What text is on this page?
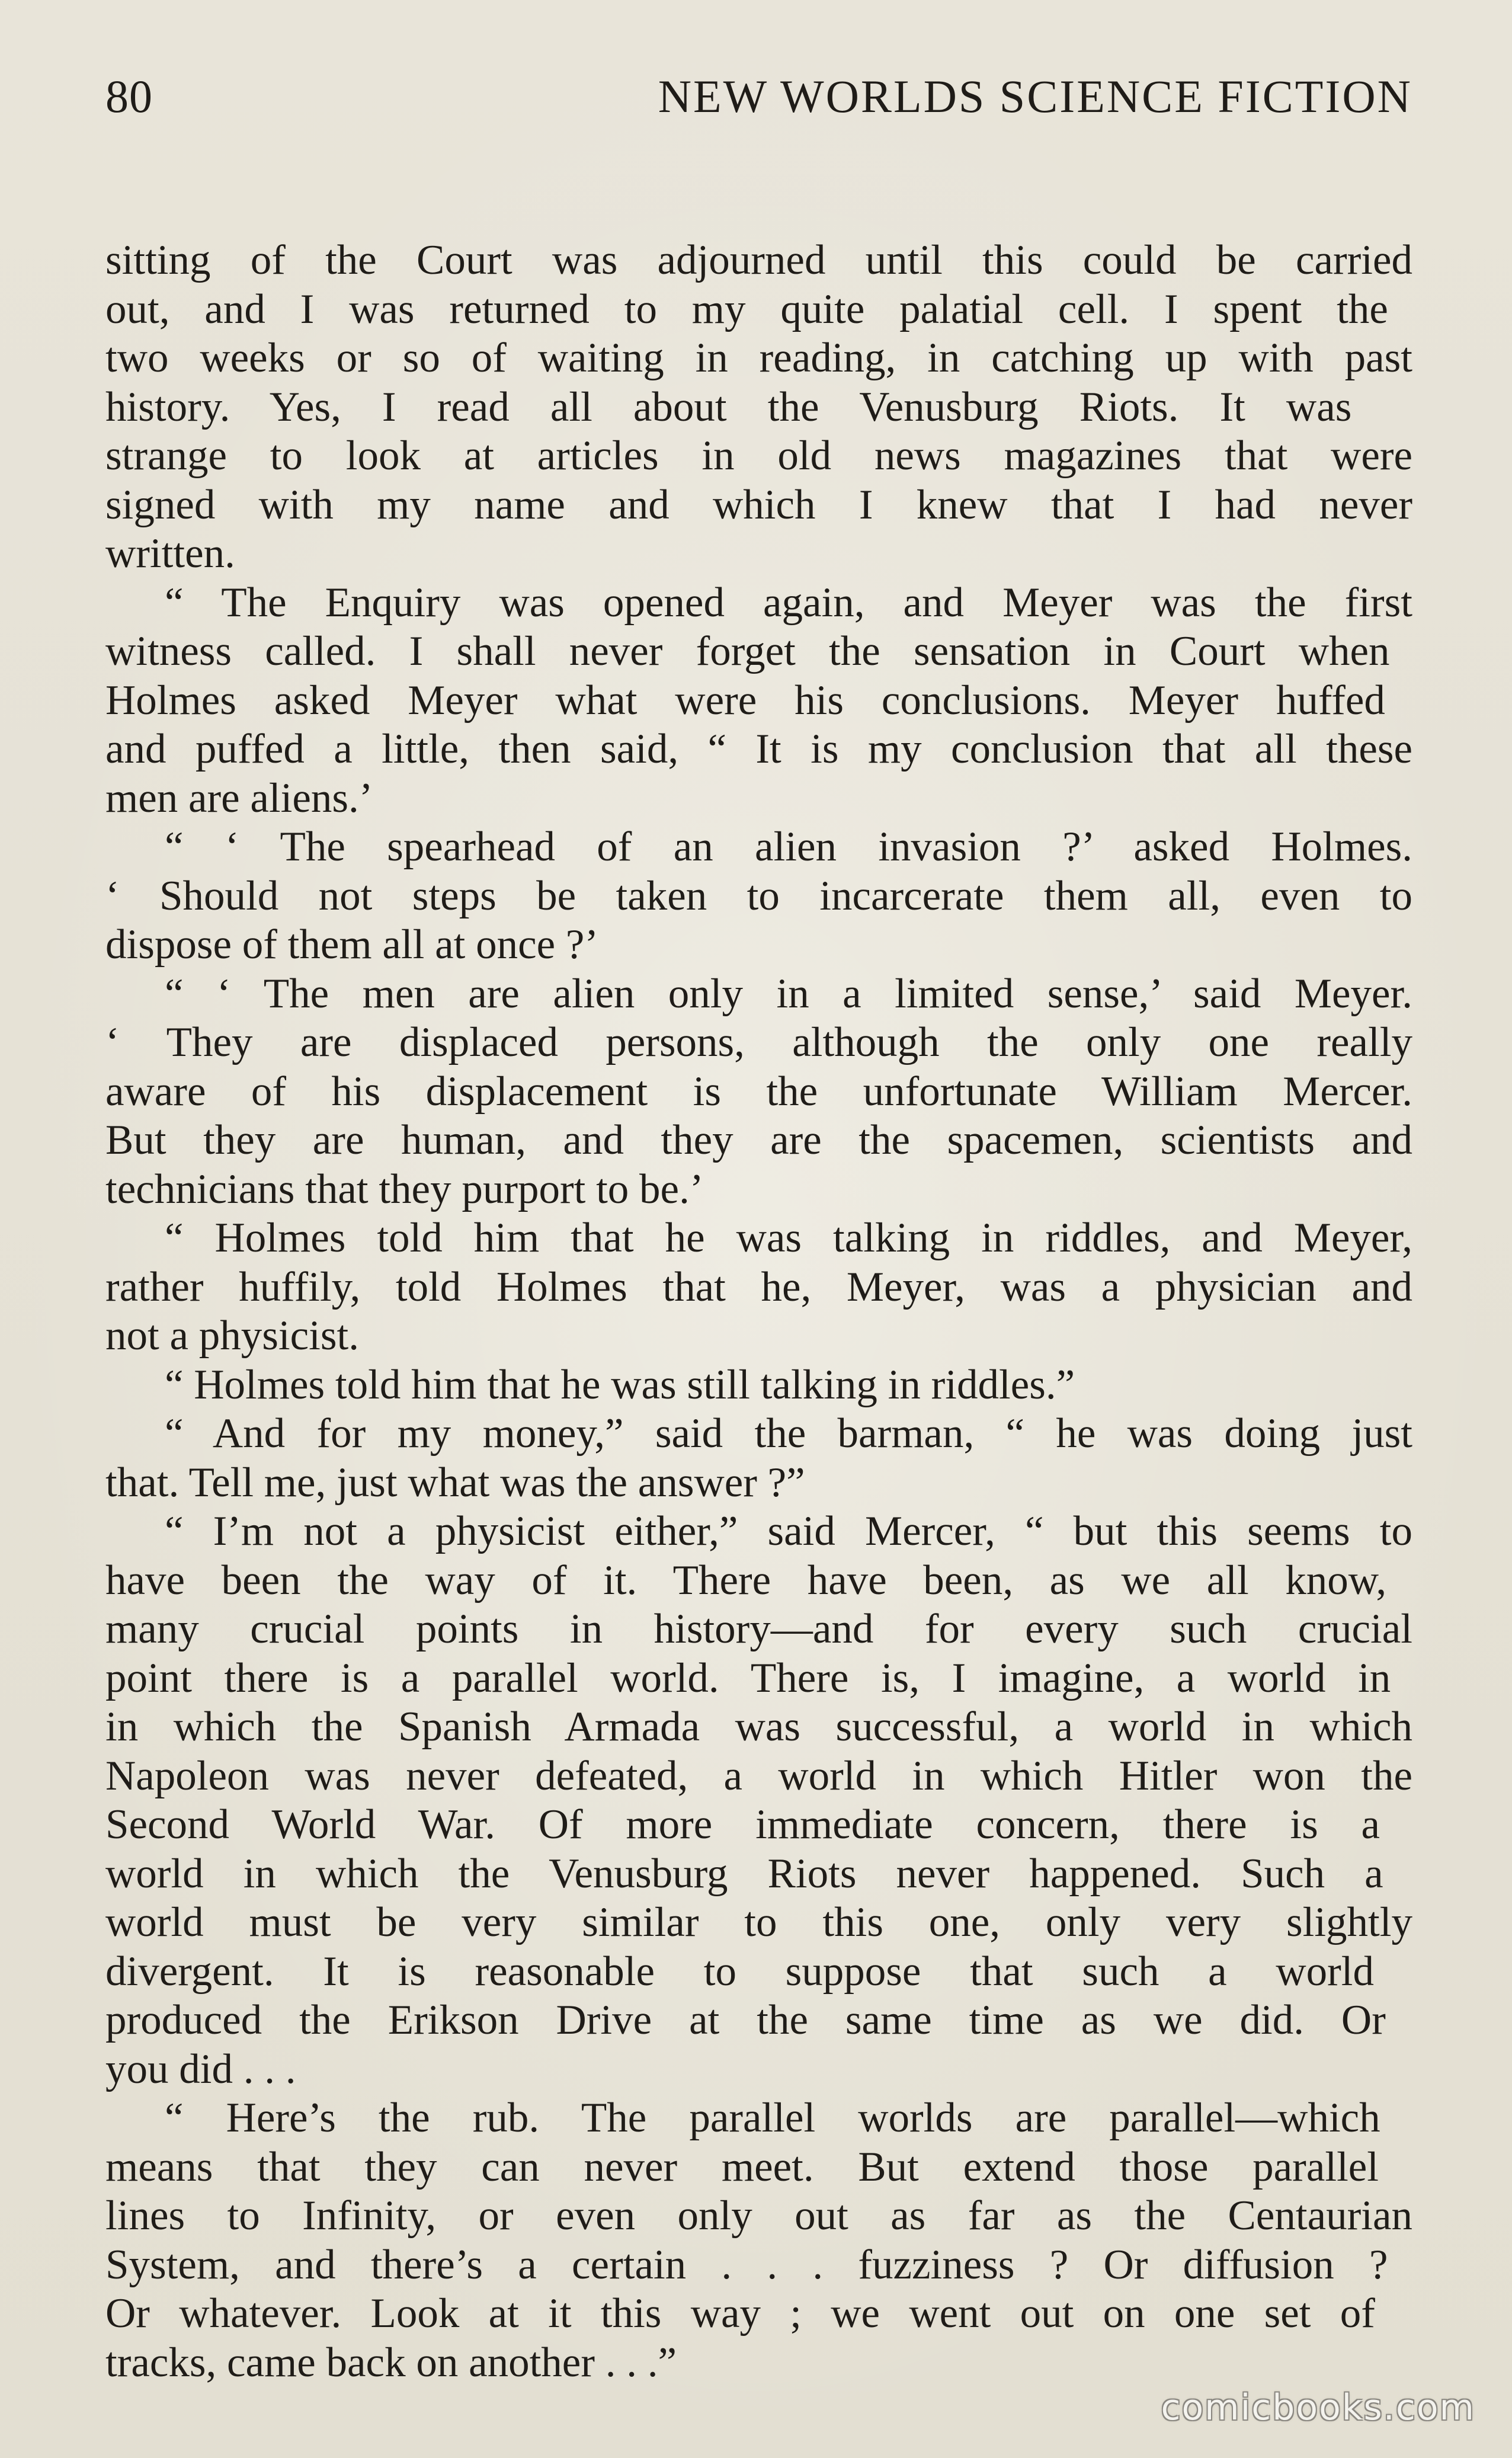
80	NEW WORLDS SCIENCE FICTION
sitting of the Court was adjourned until this could be carried
out, and I was returned to my quite palatial cell. I spent the
two weeks or so of waiting in reading, in catching up with past
history. Yes, I read all about the Venusburg Riots. It was
strange to look at articles in old news magazines that were
signed with my name and which I knew that I had never
written.
“ The Enquiry was opened again, and Meyer was the first
witness called. I shall never forget the sensation in Court when
Holmes asked Meyer what were his conclusions. Meyer huffed
and puffed a little, then said, “ It is my conclusion that all these
men are aliens.’
“ ‘ The spearhead of an alien invasion ?’ asked Holmes.
‘ Should not steps be taken to incarcerate them all, even to
dispose of them all at once ?’
“ ‘ The men are alien only in a limited sense,’ said Meyer.
‘ They are displaced persons, although the only one really
aware of his displacement is the unfortunate William Mercer.
But they are human, and they are the spacemen, scientists and
technicians that they purport to be.’
“ Holmes told him that he was talking in riddles, and Meyer,
rather huffily, told Holmes that he, Meyer, was a physician and
not a physicist.
“ Holmes told him that he was still talking in riddles.”
“ And for my money,” said the barman, “ he was doing just
that. Tell me, just what was the answer ?”
“ I’m not a physicist either,” said Mercer, “ but this seems to
have been the way of it. There have been, as we all know,
many crucial points in history—and for every such crucial
point there is a parallel world. There is, I imagine, a world in
in which the Spanish Armada was successful, a world in which
Napoleon was never defeated, a world in which Hitler won the
Second World War. Of more immediate concern, there is a
world in which the Venusburg Riots never happened. Such a
world must be very similar to this one, only very slightly
divergent. It is reasonable to suppose that such a world
produced the Erikson Drive at the same time as we did. Or
you did . . .
“ Here’s the rub. The parallel worlds are parallel—which
means that they can never meet. But extend those parallel
lines to Infinity, or even only out as far as the Centaurian
System, and there’s a certain . . . fuzziness ? Or diffusion ?
Or whatever. Look at it this way ; we went out on one set of
tracks, came back on another . . .”
comicbooks.com
